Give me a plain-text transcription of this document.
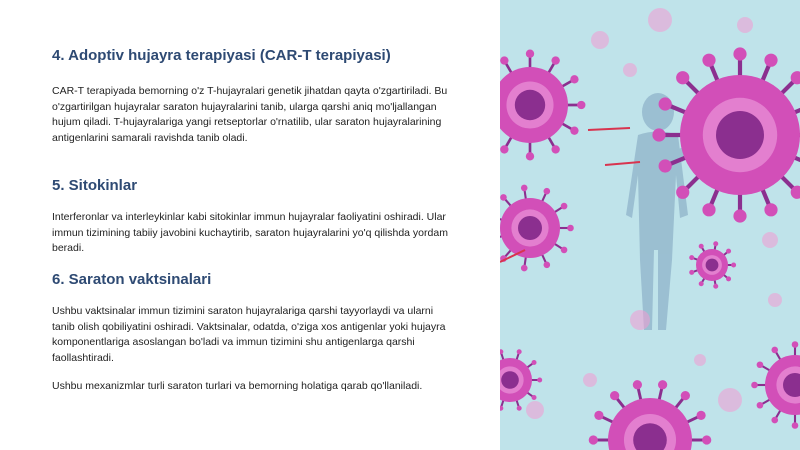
4. Adoptiv hujayra terapiyasi (CAR-T terapiyasi)
CAR-T terapiyada bemorning o'z T-hujayralari genetik jihatdan qayta o'zgartiriladi. Bu o'zgartirilgan hujayralar saraton hujayralarini tanib, ularga qarshi aniq mo'ljallangan hujum qiladi. T-hujayralariga yangi retseptorlar o'rnatilib, ular saraton hujayralarining antigenlarini samarali ravishda tanib oladi.
5. Sitokinlar
Interferonlar va interleykinlar kabi sitokinlar immun hujayralar faoliyatini oshiradi. Ular immun tizimining tabiiy javobini kuchaytirib, saraton hujayralarini yo'q qilishda yordam beradi.
6. Saraton vaktsinalari
Ushbu vaktsinalar immun tizimini saraton hujayralariga qarshi tayyorlaydi va ularni tanib olish qobiliyatini oshiradi. Vaktsinalar, odatda, o'ziga xos antigenlar yoki hujayra komponentlariga asoslangan bo'ladi va immun tizimini shu antigenlarga qarshi faollashtiradi.
Ushbu mexanizmlar turli saraton turlari va bemorning holatiga qarab qo'llaniladi.
